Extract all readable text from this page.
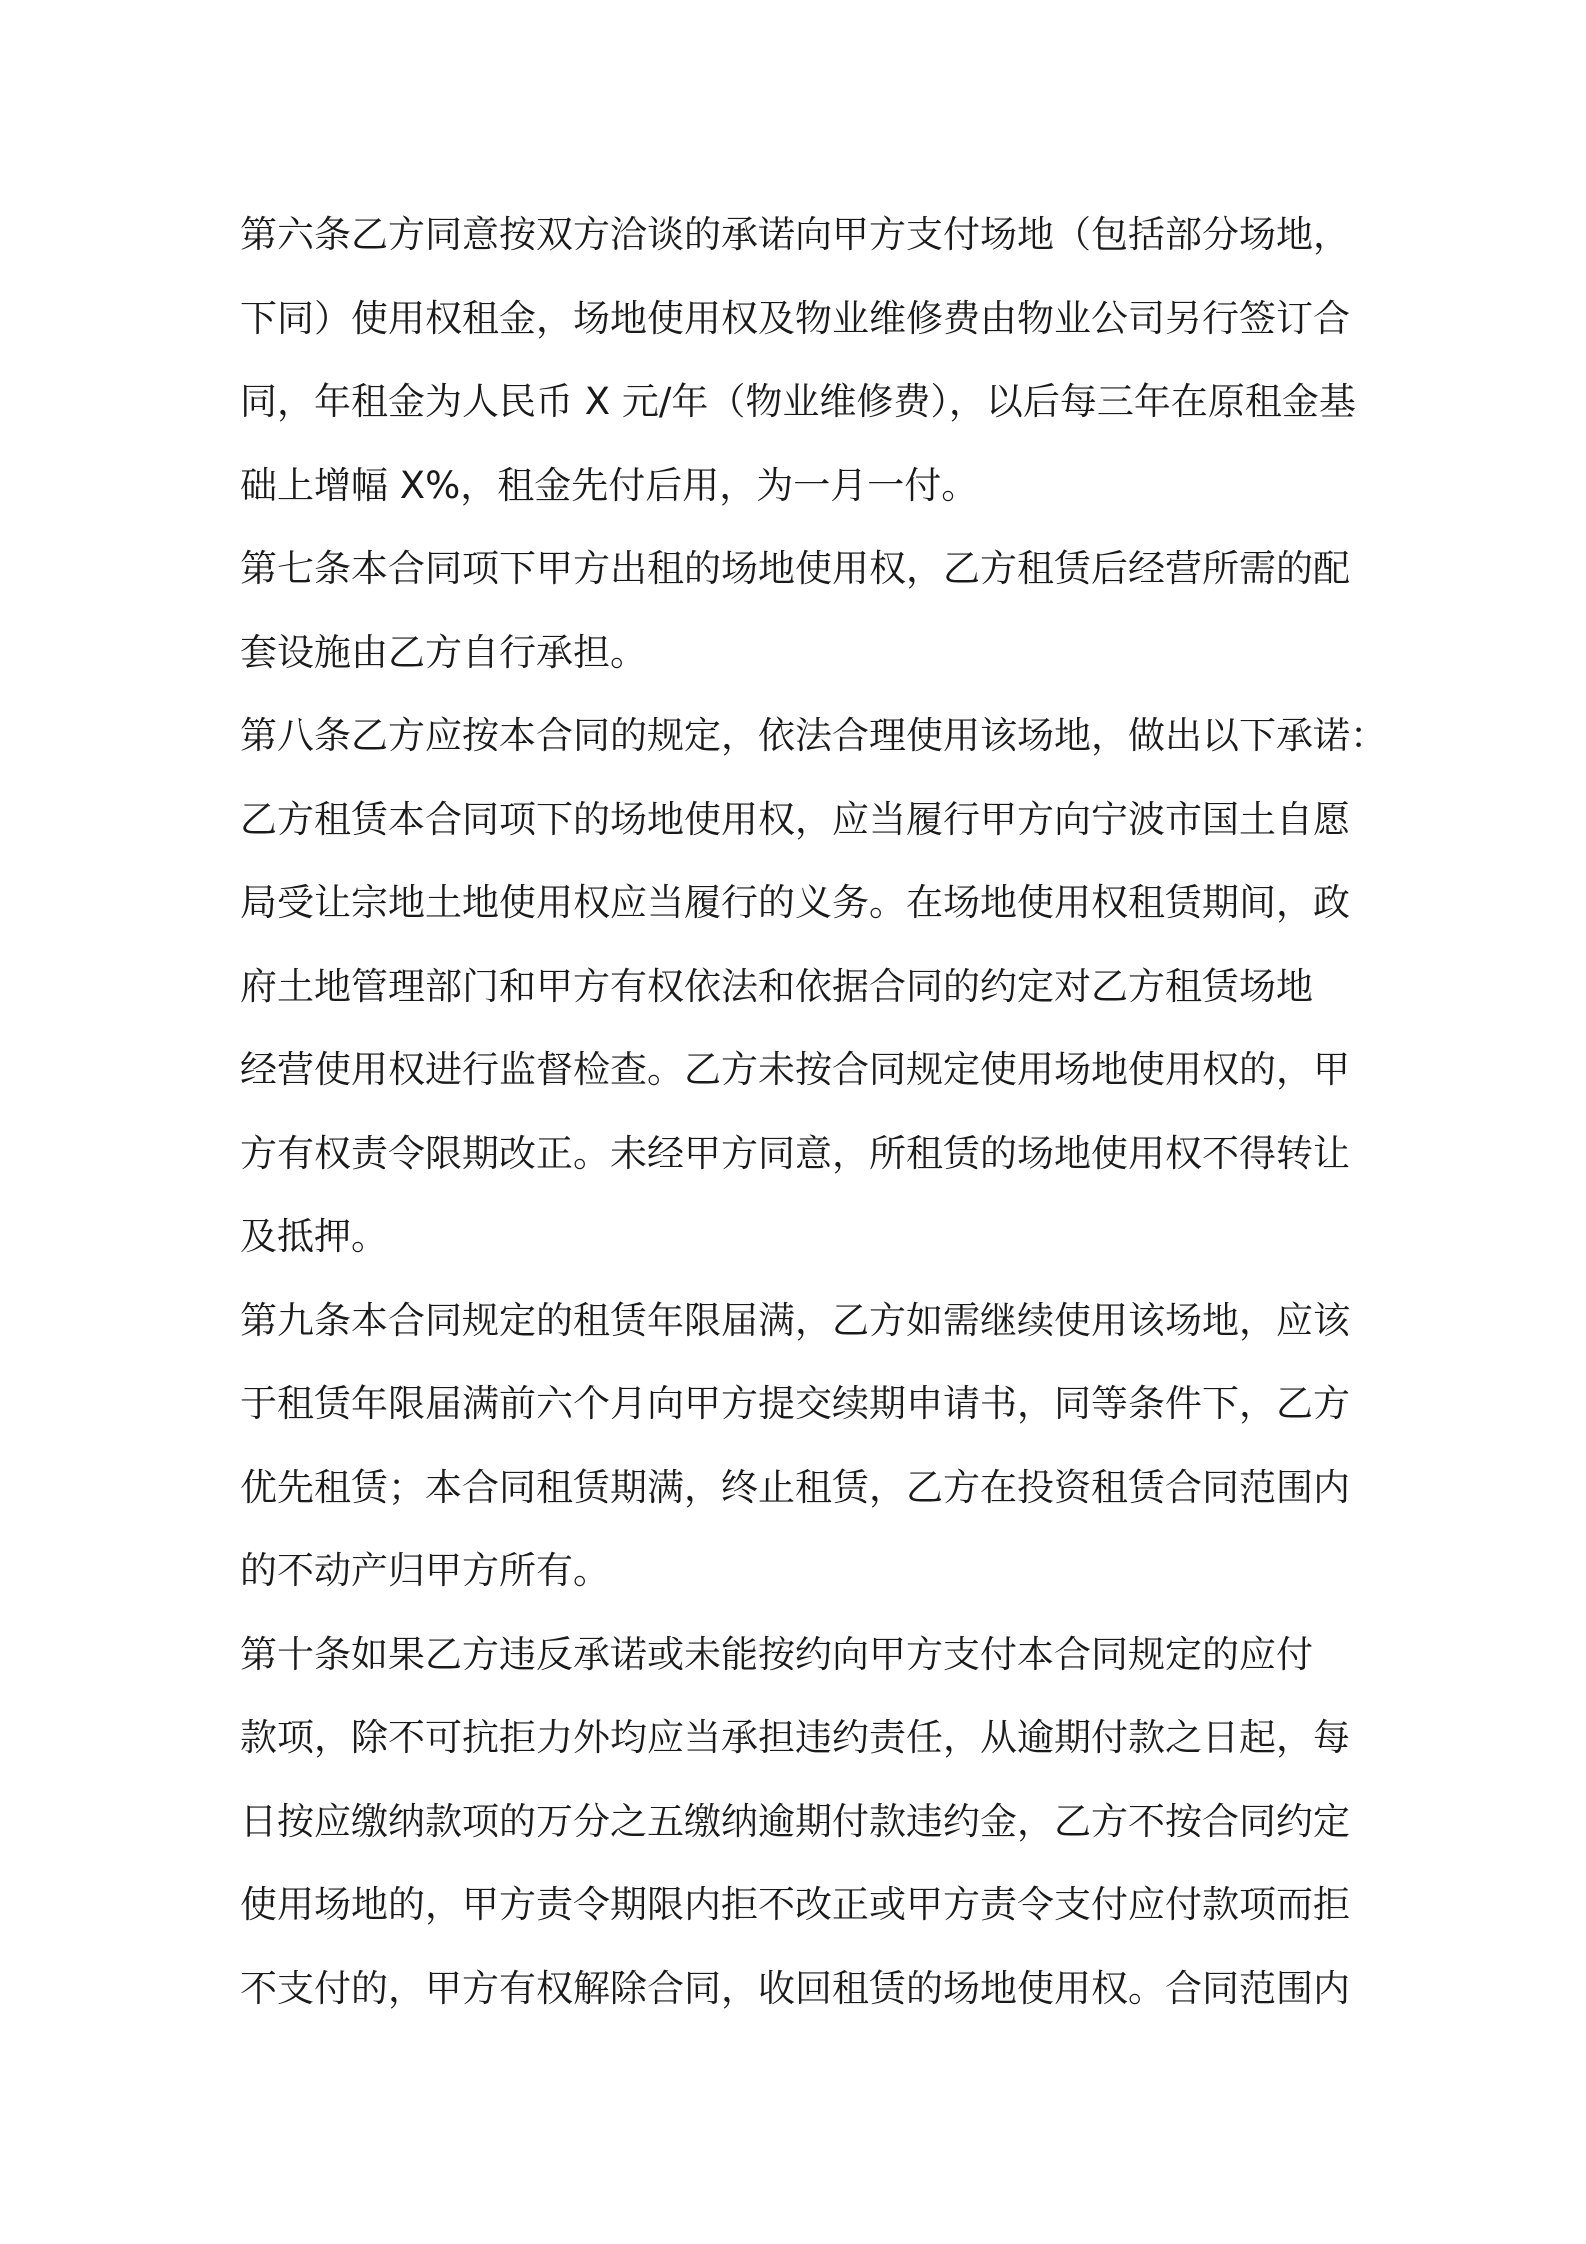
第六条乙方同意按双方洽谈的承诺向甲方支付场地（包括部分场地，
下同）使用权租金，场地使用权及物业维修费由物业公司另行签订合
同，年租金为人民币 X 元/年（物业维修费），以后每三年在原租金基
础上增幅 X%，租金先付后用，为一月一付。
第七条本合同项下甲方出租的场地使用权，乙方租赁后经营所需的配
套设施由乙方自行承担。
第八条乙方应按本合同的规定，依法合理使用该场地，做出以下承诺：
乙方租赁本合同项下的场地使用权，应当履行甲方向宁波市国土自愿
局受让宗地土地使用权应当履行的义务。在场地使用权租赁期间，政
府土地管理部门和甲方有权依法和依据合同的约定对乙方租赁场地
经营使用权进行监督检查。乙方未按合同规定使用场地使用权的，甲
方有权责令限期改正。未经甲方同意，所租赁的场地使用权不得转让
及抵押。
第九条本合同规定的租赁年限届满，乙方如需继续使用该场地，应该
于租赁年限届满前六个月向甲方提交续期申请书，同等条件下，乙方
优先租赁；本合同租赁期满，终止租赁，乙方在投资租赁合同范围内
的不动产归甲方所有。
第十条如果乙方违反承诺或未能按约向甲方支付本合同规定的应付
款项，除不可抗拒力外均应当承担违约责任，从逾期付款之日起，每
日按应缴纳款项的万分之五缴纳逾期付款违约金，乙方不按合同约定
使用场地的，甲方责令期限内拒不改正或甲方责令支付应付款项而拒
不支付的，甲方有权解除合同，收回租赁的场地使用权。合同范围内
